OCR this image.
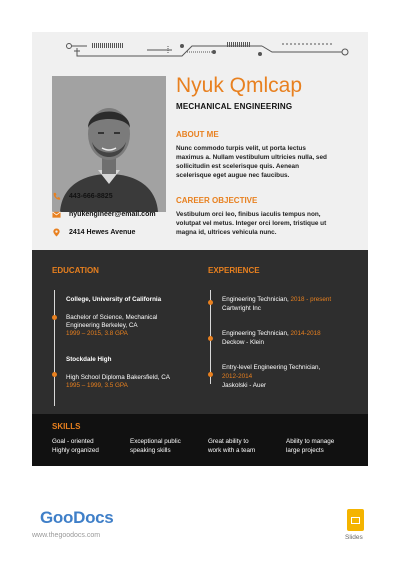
Nyuk Qmlcap
MECHANICAL ENGINEERING
ABOUT ME
Nunc commodo turpis velit, ut porta lectus
maximus a. Nullam vestibulum ultricies nulla, sed
sollicitudin est scelerisque quis. Aenean
scelerisque eget augue nec faucibus.
CAREER OBJECTIVE
Vestibulum orci leo, finibus iaculis tempus non,
volutpat vel metus. Integer orci lorem, tristique ut
magna id, ultrices vehicula nunc.
443-666-8825
nyukengineer@email.com
2414 Hewes Avenue
EDUCATION	EXPERIENCE
College, University of California
Bachelor of Science, Mechanical
Engineering Berkeley, CA
1999 – 2015, 3.8 GPA
Stockdale High
High School Diploma Bakersfield, CA
1995 – 1999, 3.5 GPA
Engineering Technician, 2018 - present
Cartwright Inc
Engineering Technician, 2014-2018
Deckow - Klein
Entry-level Engineering Technician,
2012-2014
Jaskolski - Auer
SKILLS
Goal - oriented
Highly organized
Exceptional public
speaking skills
Great ability to
work with a team
Ability to manage
large projects
GooDocs
www.thegoodocs.com	Slides
